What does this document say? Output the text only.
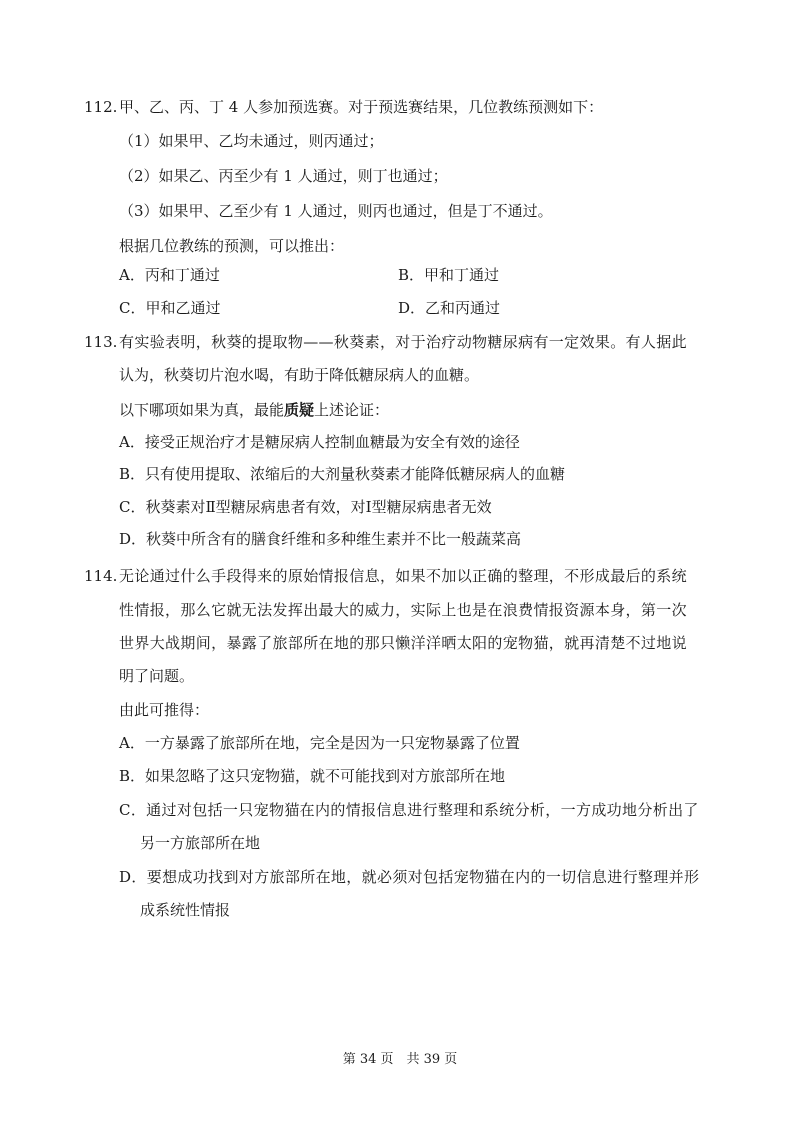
112. 甲、乙、丙、丁 4 人参加预选赛。对于预选赛结果，几位教练预测如下：
（1）如果甲、乙均未通过，则丙通过；
（2）如果乙、丙至少有 1 人通过，则丁也通过；
（3）如果甲、乙至少有 1 人通过，则丙也通过，但是丁不通过。
根据几位教练的预测，可以推出：
A．丙和丁通过	B．甲和丁通过
C．甲和乙通过	D．乙和丙通过
113. 有实验表明，秋葵的提取物——秋葵素，对于治疗动物糖尿病有一定效果。有人据此
认为，秋葵切片泡水喝，有助于降低糖尿病人的血糖。
以下哪项如果为真，最能质疑上述论证：
A．接受正规治疗才是糖尿病人控制血糖最为安全有效的途径
B．只有使用提取、浓缩后的大剂量秋葵素才能降低糖尿病人的血糖
C．秋葵素对Ⅱ型糖尿病患者有效，对Ⅰ型糖尿病患者无效
D．秋葵中所含有的膳食纤维和多种维生素并不比一般蔬菜高
114. 无论通过什么手段得来的原始情报信息，如果不加以正确的整理，不形成最后的系统
性情报，那么它就无法发挥出最大的威力，实际上也是在浪费情报资源本身，第一次
世界大战期间，暴露了旅部所在地的那只懒洋洋晒太阳的宠物猫，就再清楚不过地说
明了问题。
由此可推得：
A．一方暴露了旅部所在地，完全是因为一只宠物暴露了位置
B．如果忽略了这只宠物猫，就不可能找到对方旅部所在地
C．通过对包括一只宠物猫在内的情报信息进行整理和系统分析，一方成功地分析出了
另一方旅部所在地
D．要想成功找到对方旅部所在地，就必须对包括宠物猫在内的一切信息进行整理并形
成系统性情报
第 34 页　共 39 页
